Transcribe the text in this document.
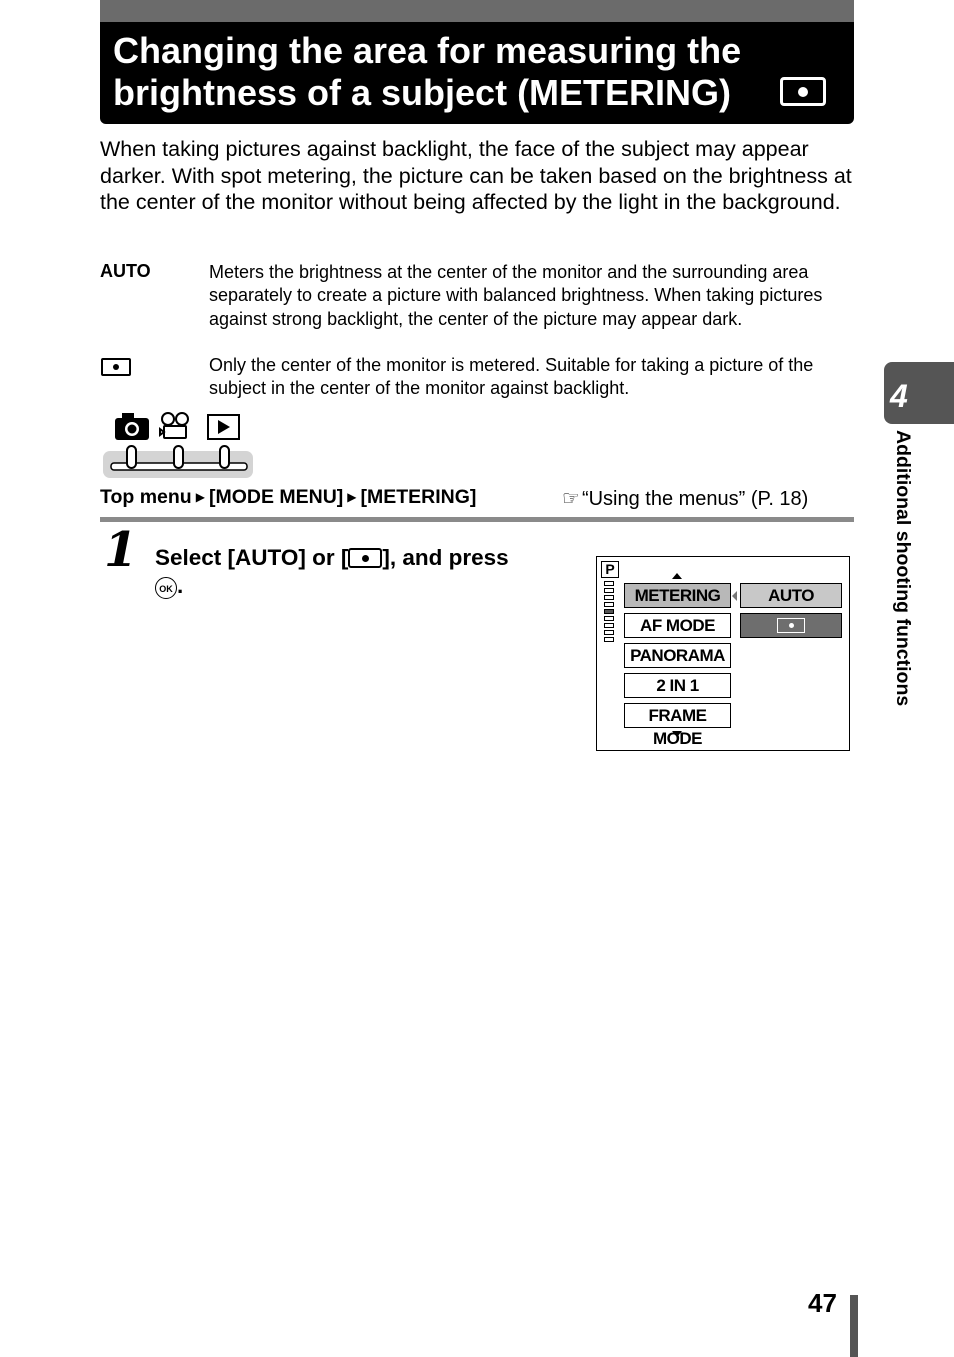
Changing the area for measuring the
brightness of a subject (METERING)
When taking pictures against backlight, the face of the subject may appear darker. With spot metering, the picture can be taken based on the brightness at the center of the monitor without being affected by the light in the background.
AUTO	Meters the brightness at the center of the monitor and the surrounding area separately to create a picture with balanced brightness. When taking pictures against strong backlight, the center of the picture may appear dark.
Only the center of the monitor is metered. Suitable for taking a picture of the subject in the center of the monitor against backlight.
Top menu ▶ [MODE MENU] ▶ [METERING]	☞ “Using the menus” (P. 18)
1 Select [AUTO] or [ ], and press
OK .
P
METERING
AF MODE
PANORAMA
2 IN 1
FRAME MODE
AUTO
4
Additional shooting functions
47
